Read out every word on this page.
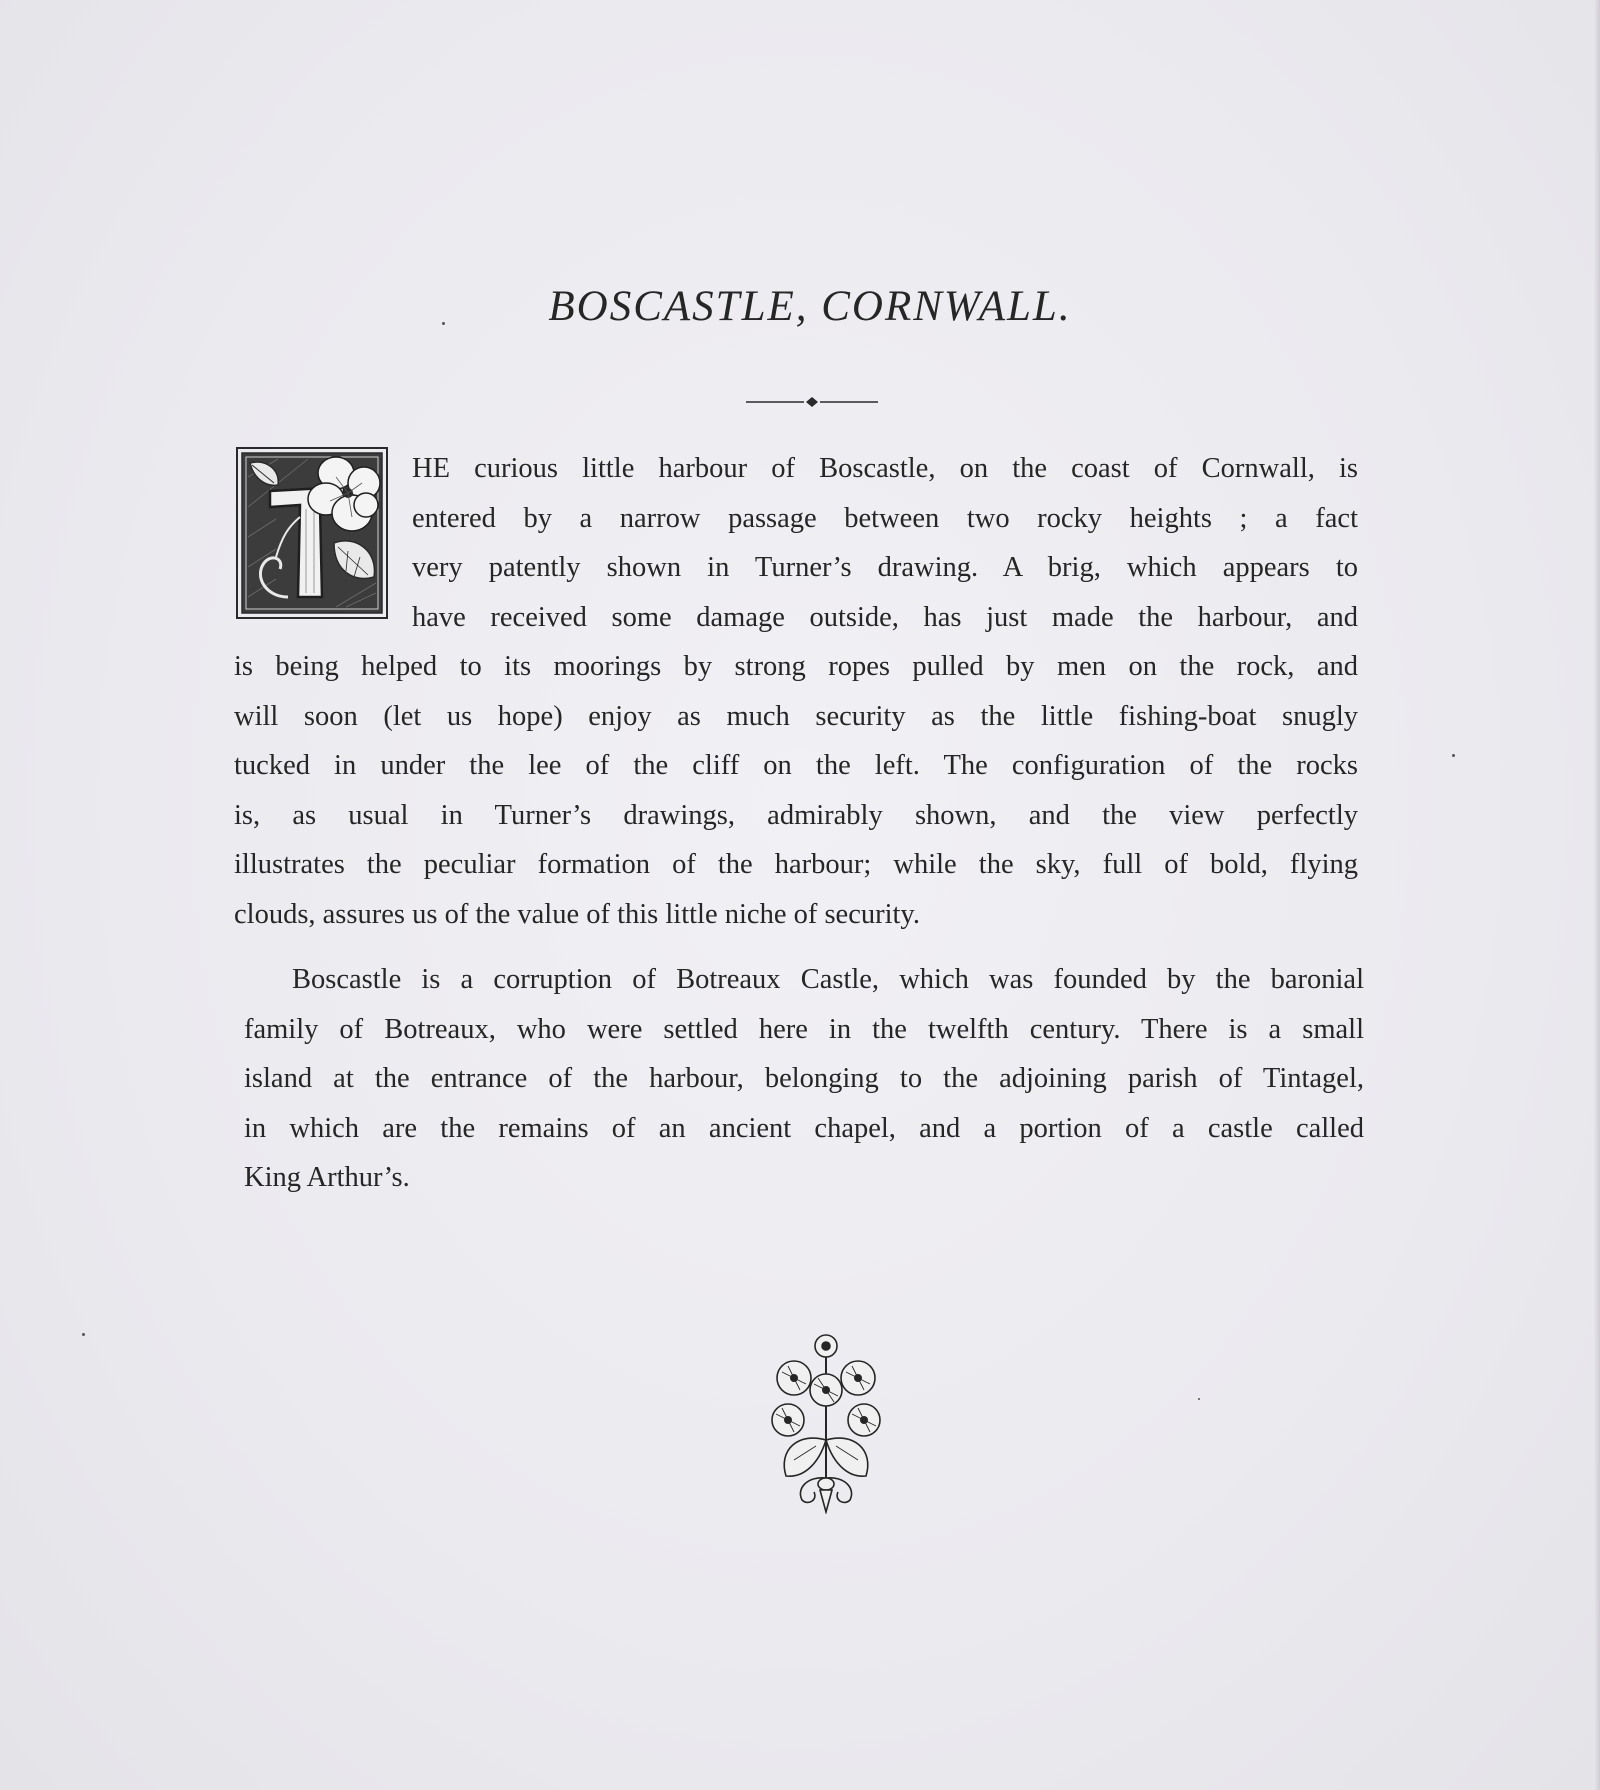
BOSCASTLE, CORNWALL.
HE curious little harbour of Boscastle, on the coast of Cornwall, is
entered by a narrow passage between two rocky heights ; a fact
very patently shown in Turner’s drawing. A brig, which appears to
have received some damage outside, has just made the harbour, and
is being helped to its moorings by strong ropes pulled by men on the rock, and
will soon (let us hope) enjoy as much security as the little fishing-boat snugly
tucked in under the lee of the cliff on the left. The configuration of the rocks
is, as usual in Turner’s drawings, admirably shown, and the view perfectly
illustrates the peculiar formation of the harbour; while the sky, full of bold, flying
clouds, assures us of the value of this little niche of security.
Boscastle is a corruption of Botreaux Castle, which was founded by the baronial
family of Botreaux, who were settled here in the twelfth century. There is a small
island at the entrance of the harbour, belonging to the adjoining parish of Tintagel,
in which are the remains of an ancient chapel, and a portion of a castle called
King Arthur’s.
